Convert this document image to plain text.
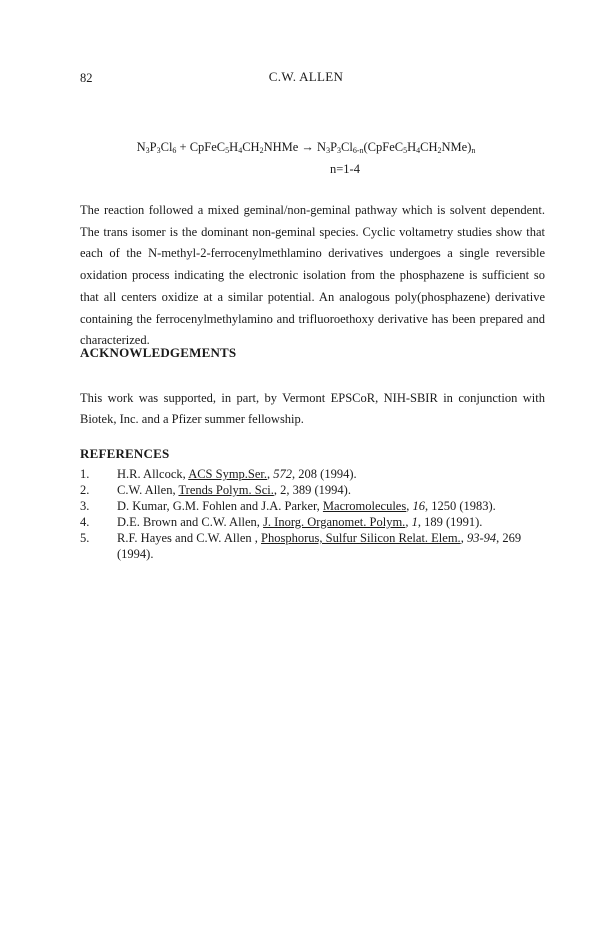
82	C.W. ALLEN
$N_3P_3Cl_6$ + $CpFeC_5H_4CH_2NHMe$ → $N_3P_3Cl_{6-n}(CpFeC_5H_4CH_2NMe)_n$
n=1-4
The reaction followed a mixed geminal/non-geminal pathway which is solvent dependent. The trans isomer is the dominant non-geminal species. Cyclic voltametry studies show that each of the N-methyl-2-ferrocenylmethlamino derivatives undergoes a single reversible oxidation process indicating the electronic isolation from the phosphazene is sufficient so that all centers oxidize at a similar potential. An analogous poly(phosphazene) derivative containing the ferrocenylmethylamino and trifluoroethoxy derivative has been prepared and characterized.
ACKNOWLEDGEMENTS
This work was supported, in part, by Vermont EPSCoR, NIH-SBIR in conjunction with Biotek, Inc. and a Pfizer summer fellowship.
REFERENCES
1.	H.R. Allcock, ACS Symp.Ser., 572, 208 (1994).
2.	C.W. Allen, Trends Polym. Sci., 2, 389 (1994).
3.	D. Kumar, G.M. Fohlen and J.A. Parker, Macromolecules, 16, 1250 (1983).
4.	D.E. Brown and C.W. Allen, J. Inorg. Organomet. Polym., 1, 189 (1991).
5.	R.F. Hayes and C.W. Allen , Phosphorus, Sulfur Silicon Relat. Elem., 93-94, 269 (1994).
